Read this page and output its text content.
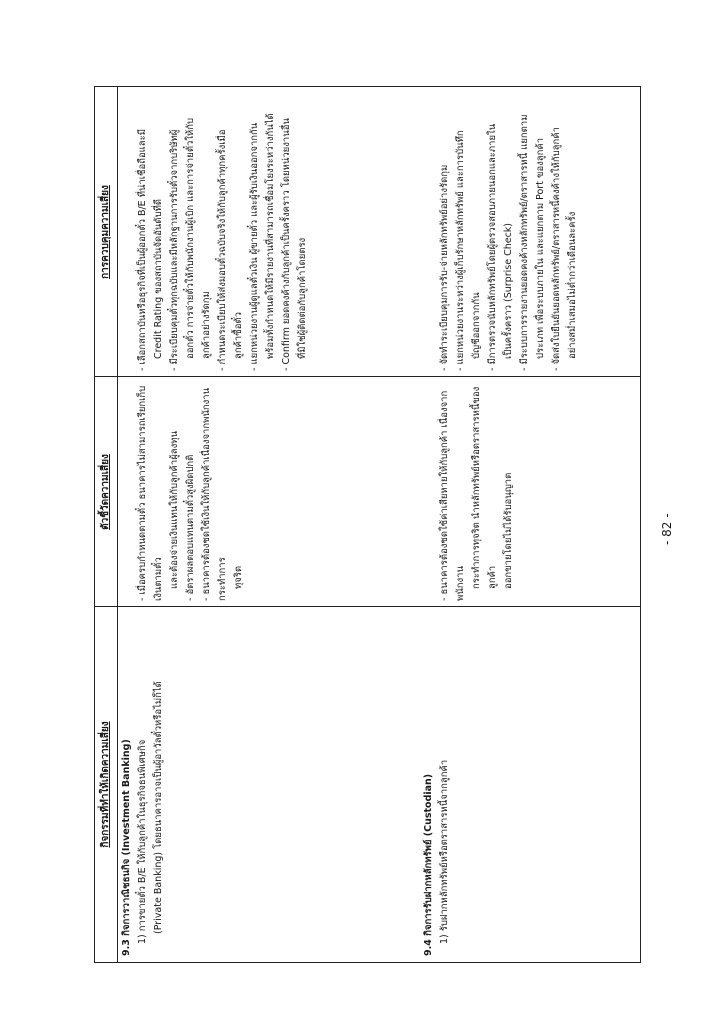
กิจกรรมที่ทำให้เกิดความเสี่ยง
ตัวชี้วัดความเสี่ยง
การควบคุมความเสี่ยง

9.3 กิจการวาณิชธนกิจ (Investment Banking) 1) การขายตั๋ว B/E ให้กับลูกค้าในธุรกิจธนพิเศษกิจ (Private Banking) โดยธนาคารอาจเป็นผู้อาวัลตั๋วหรือไม่ก็ได้

- เมื่อครบกำหนดตามตั๋ว ธนาคารไม่สามารถเรียกเก็บเงินตามตั๋ว และต้องจ่ายเงินแทนให้กับลูกค้าผู้ลงทุน - อัตราผลตอบแทนตามตั๋วสูงผิดปกติ - ธนาคารต้องชดใช้เงินให้กับลูกค้าเนื่องจากพนักงานกระทำการ ทุจริต

- เลือกสถาบันหรือธุรกิจที่เป็นผู้ออกตั๋ว B/E ที่น่าเชื่อถือและมี Credit Rating ของสถาบันจัดอันดับที่ดี - มีระเบียบคุมตั๋วทุกฉบับและมีหลักฐานการรับตั๋วจากบริษัทผู้ ออกตั๋ว การจ่ายตั๋วให้กับพนักงานผู้เบิก และการจ่ายตั๋วให้กับ ลูกค้าอย่างรัดกุม - กำหนดระเบียบให้ส่งมอบตั๋วฉบับจริงให้กับลูกค้าทุกครั้งเมื่อ ลูกค้าซื้อตั๋ว - แยกหน่วยงานผู้ดูแลตั๋วเงิน ผู้ขายตั๋ว และผู้รับเงินออกจากกัน พร้อมทั้งกำหนดให้มีรายงานที่สามารถเชื่อมโยงระหว่างกันได้ - Confirm ยอดคงค้างกับลูกค้าเป็นครั้งคราว โดยหน่วยงานอื่น ที่มิใช่ผู้ติดต่อกับลูกค้าโดยตรง

9.4 กิจการรับฝากหลักทรัพย์ (Custodian) 1) รับฝากหลักทรัพย์หรือตราสารหนี้จากลูกค้า

- ธนาคารต้องชดใช้ค่าเสียหายให้กับลูกค้า เนื่องจากพนักงาน กระทำการทุจริต นำหลักทรัพย์หรือตราสารหนี้ของลูกค้า ออกขายโดยไม่ได้รับอนุญาต

- จัดทำระเบียบคุมการรับ-จ่ายหลักทรัพย์อย่างรัดกุม - แยกหน่วยงานระหว่างผู้เก็บรักษาหลักทรัพย์ และการบันทึก บัญชีออกจากกัน - มีการตรวจนับหลักทรัพย์โดยผู้ตรวจสอบภายนอกและภายใน เป็นครั้งคราว (Surprise Check) - มีระบบการรายงานยอดคงค้างหลักทรัพย์/ตราสารหนี้ แยกตาม ประเภท เพื่อระบบภายใน และแยกตาม Port ของลูกค้า - จัดส่งใบยืนยันยอดหลักทรัพย์/ตราสารหนี้คงค้างให้กับลูกค้า อย่างสม่ำเสมอไม่ต่ำกว่าเดือนละครั้ง

- 82 -
